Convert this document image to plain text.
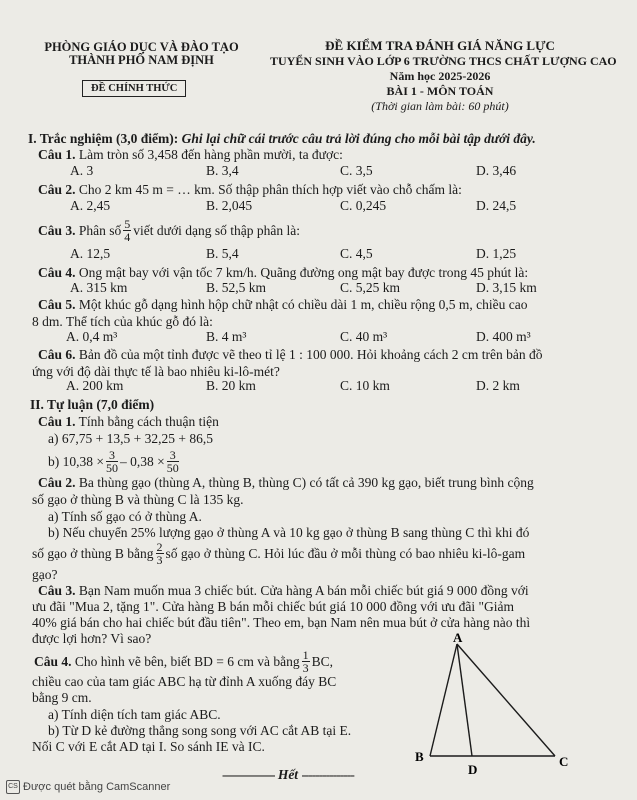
PHÒNG GIÁO DỤC VÀ ĐÀO TẠO
THÀNH PHỐ NAM ĐỊNH
ĐỀ CHÍNH THỨC
ĐỀ KIỂM TRA ĐÁNH GIÁ NĂNG LỰC
TUYỂN SINH VÀO LỚP 6 TRƯỜNG THCS CHẤT LƯỢNG CAO
Năm học 2025-2026
BÀI 1 - MÔN TOÁN
(Thời gian làm bài: 60 phút)
I. Trắc nghiệm (3,0 điểm): Ghi lại chữ cái trước câu trả lời đúng cho mỗi bài tập dưới đây.
Câu 1. Làm tròn số 3,458 đến hàng phần mười, ta được:
A. 3	B. 3,4	C. 3,5	D. 3,46
Câu 2. Cho 2 km 45 m = … km. Số thập phân thích hợp viết vào chỗ chấm là:
A. 2,45	B. 2,045	C. 0,245	D. 24,5
Câu 3.
Phân số $\frac{5}{4}$ viết dưới dạng số thập phân là:
A. 12,5	B. 5,4	C. 4,5	D. 1,25
Câu 4. Ong mật bay với vận tốc 7 km/h. Quãng đường ong mật bay được trong 45 phút là:
A. 315 km	B. 52,5 km	C. 5,25 km	D. 3,15 km
Câu 5. Một khúc gỗ dạng hình hộp chữ nhật có chiều dài 1 m, chiều rộng 0,5 m, chiều cao
8 dm. Thể tích của khúc gỗ đó là:
A. 0,4 m³	B. 4 m³	C. 40 m³	D. 400 m³
Câu 6. Bản đồ của một tỉnh được vẽ theo tỉ lệ 1 : 100 000. Hỏi khoảng cách 2 cm trên bản đồ
ứng với độ dài thực tế là bao nhiêu ki-lô-mét?
A. 200 km	B. 20 km	C. 10 km	D. 2 km
II. Tự luận (7,0 điểm)
Câu 1. Tính bằng cách thuận tiện
a) 67,75 + 13,5 + 32,25 + 86,5
b) $10,38 \times \frac{3}{50} - 0,38 \times \frac{3}{50}$
Câu 2. Ba thùng gạo (thùng A, thùng B, thùng C) có tất cả 390 kg gạo, biết trung bình cộng
số gạo ở thùng B và thùng C là 135 kg.
a) Tính số gạo có ở thùng A.
b) Nếu chuyển 25% lượng gạo ở thùng A và 10 kg gạo ở thùng B sang thùng C thì khi đó
số gạo ở thùng B bằng $\frac{2}{3}$ số gạo ở thùng C. Hỏi lúc đầu ở mỗi thùng có bao nhiêu ki-lô-gam
gạo?
Câu 3. Bạn Nam muốn mua 3 chiếc bút. Cửa hàng A bán mỗi chiếc bút giá 9 000 đồng với
ưu đãi "Mua 2, tặng 1". Cửa hàng B bán mỗi chiếc bút giá 10 000 đồng với ưu đãi "Giảm
40% giá bán cho hai chiếc bút đầu tiên". Theo em, bạn Nam nên mua bút ở cửa hàng nào thì
được lợi hơn? Vì sao?
Câu 4.
Cho hình vẽ bên, biết BD = 6 cm và bằng $\frac{1}{3}$ BC,
chiều cao của tam giác ABC hạ từ đỉnh A xuống đáy BC
bằng 9 cm.
a) Tính diện tích tam giác ABC.
b) Từ D kẻ đường thẳng song song với AC cắt AB tại E.
Nối C với E cắt AD tại I. So sánh IE và IC.
A
B	C
D
--------------- Hết ---------------
CS Được quét bằng CamScanner
